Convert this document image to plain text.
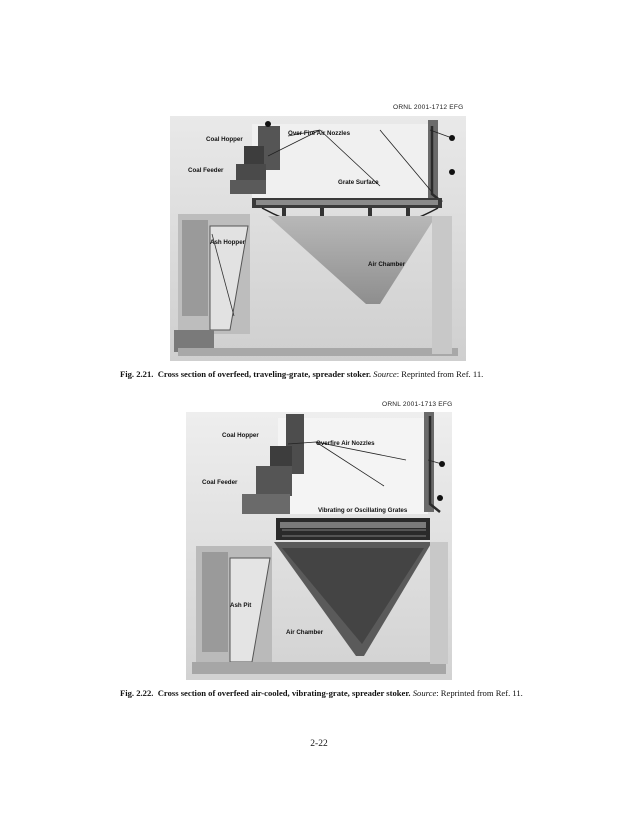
ORNL 2001-1712 EFG
Coal Hopper
Coal Feeder
Over Fire Air Nozzles
Grate Surface
Ash Hopper
Air Chamber
Fig. 2.21. Cross section of overfeed, traveling-grate, spreader stoker. Source: Reprinted from Ref. 11.
ORNL 2001-1713 EFG
Coal Hopper
Coal Feeder
Overfire Air Nozzles
Vibrating or Oscillating Grates
Ash Pit
Air Chamber
Fig. 2.22. Cross section of overfeed air-cooled, vibrating-grate, spreader stoker. Source: Reprinted from Ref. 11.
2-22
